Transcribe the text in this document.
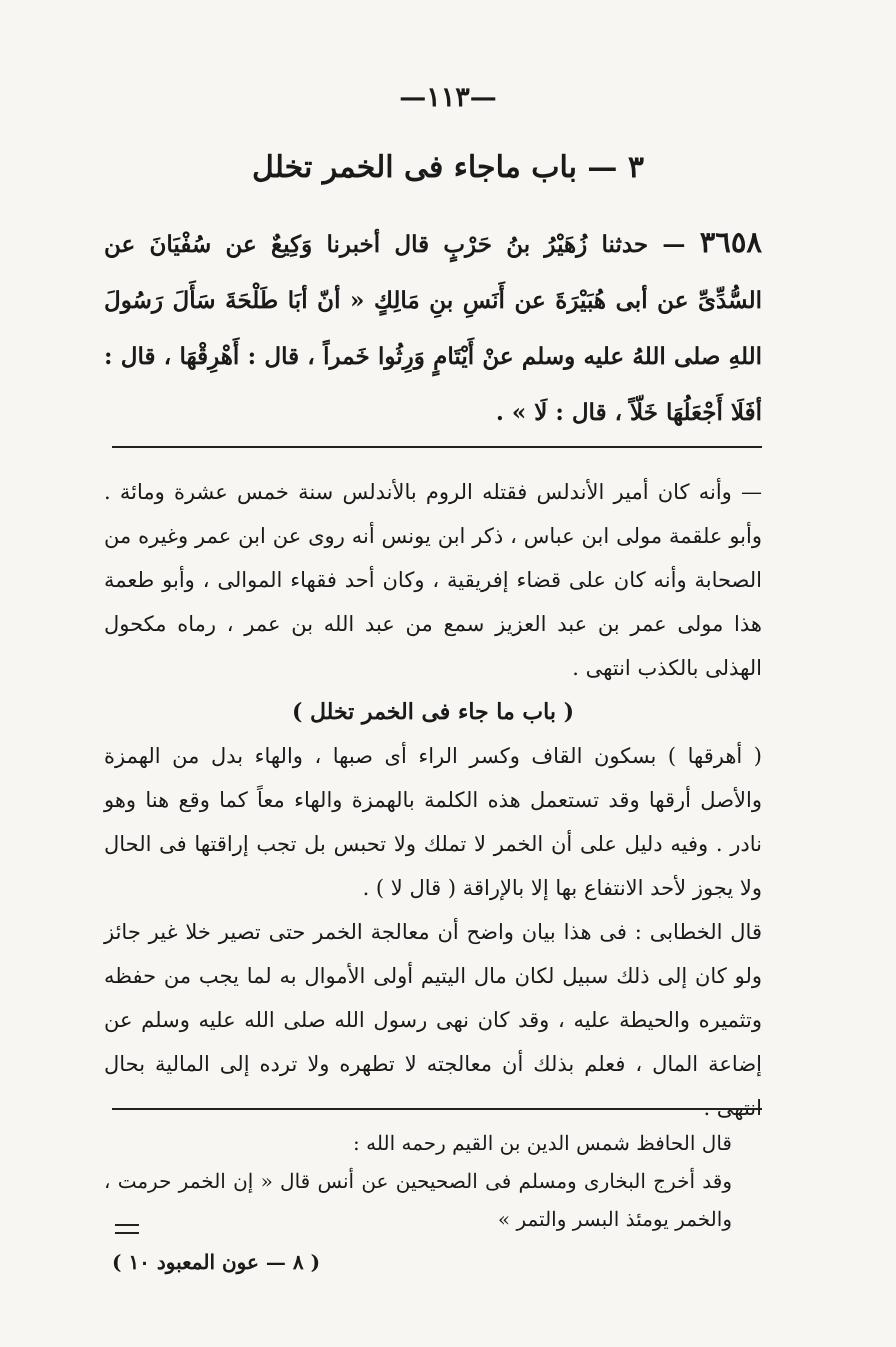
—١١٣—
٣ — باب ماجاء فى الخمر تخلل
٣٦٥٨ — حدثنا زُهَيْرُ بنُ حَرْبٍ قال أخبرنا وَكِيعٌ عن سُفْيَانَ عن السُّدِّىِّ عن أبى هُبَيْرَةَ عن أَنَسِ بنِ مَالِكٍ « أنّ أبَا طَلْحَةَ سَأَلَ رَسُولَ اللهِ صلى اللهُ عليه وسلم عنْ أَيْتَامٍ وَرِثُوا خَمراً ، قال : أَهْرِقْهَا ، قال : أفَلَا أَجْعَلُهَا خَلّاً ، قال : لَا » .

— وأنه كان أمير الأندلس فقتله الروم بالأندلس سنة خمس عشرة ومائة . وأبو علقمة مولى ابن عباس ، ذكر ابن يونس أنه روى عن ابن عمر وغيره من الصحابة وأنه كان على قضاء إفريقية ، وكان أحد فقهاء الموالى ، وأبو طعمة هذا مولى عمر بن عبد العزيز سمع من عبد الله بن عمر ، رماه مكحول الهذلى بالكذب انتهى .

( باب ما جاء فى الخمر تخلل )

( أهرقها ) بسكون القاف وكسر الراء أى صبها ، والهاء بدل من الهمزة والأصل أرقها وقد تستعمل هذه الكلمة بالهمزة والهاء معاً كما وقع هنا وهو نادر . وفيه دليل على أن الخمر لا تملك ولا تحبس بل تجب إراقتها فى الحال ولا يجوز لأحد الانتفاع بها إلا بالإراقة ( قال لا ) .

قال الخطابى : فى هذا بيان واضح أن معالجة الخمر حتى تصير خلا غير جائز ولو كان إلى ذلك سبيل لكان مال اليتيم أولى الأموال به لما يجب من حفظه وتثميره والحيطة عليه ، وقد كان نهى رسول الله صلى الله عليه وسلم عن إضاعة المال ، فعلم بذلك أن معالجته لا تطهره ولا ترده إلى المالية بحال انتهى . —

قال الحافظ شمس الدين بن القيم رحمه الله :

وقد أخرج البخارى ومسلم فى الصحيحين عن أنس قال « إن الخمر حرمت ، والخمر يومئذ البسر والتمر »

( ٨ — عون المعبود ١٠ )
